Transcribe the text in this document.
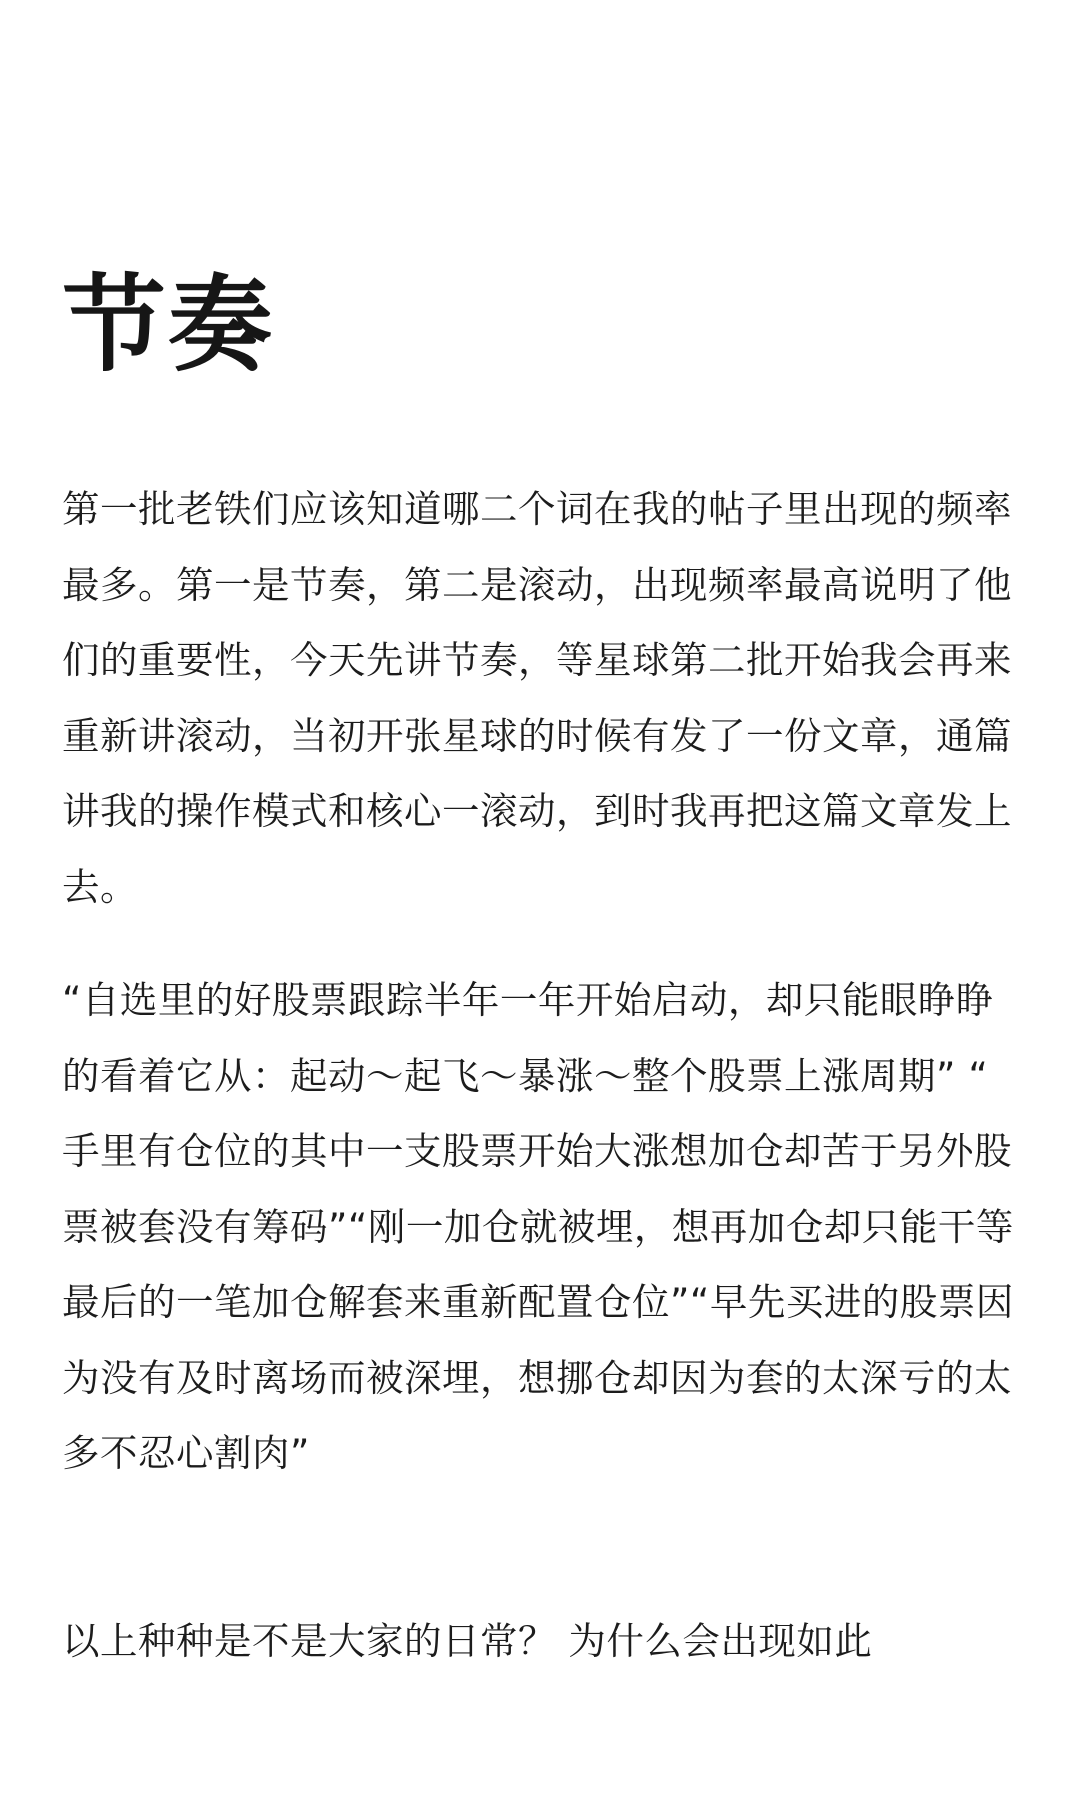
节奏

第一批老铁们应该知道哪二个词在我的帖子里出现的频率最多。第一是节奏，第二是滚动，出现频率最高说明了他们的重要性，今天先讲节奏，等星球第二批开始我会再来重新讲滚动，当初开张星球的时候有发了一份文章，通篇讲我的操作模式和核心一滚动，到时我再把这篇文章发上去。

“自选里的好股票跟踪半年一年开始启动，却只能眼睁睁的看着它从：起动～起飞～暴涨～整个股票上涨周期” “手里有仓位的其中一支股票开始大涨想加仓却苦于另外股票被套没有筹码”“刚一加仓就被埋，想再加仓却只能干等最后的一笔加仓解套来重新配置仓位”“早先买进的股票因为没有及时离场而被深埋，想挪仓却因为套的太深亏的太多不忍心割肉”

以上种种是不是大家的日常？ 为什么会出现如此
